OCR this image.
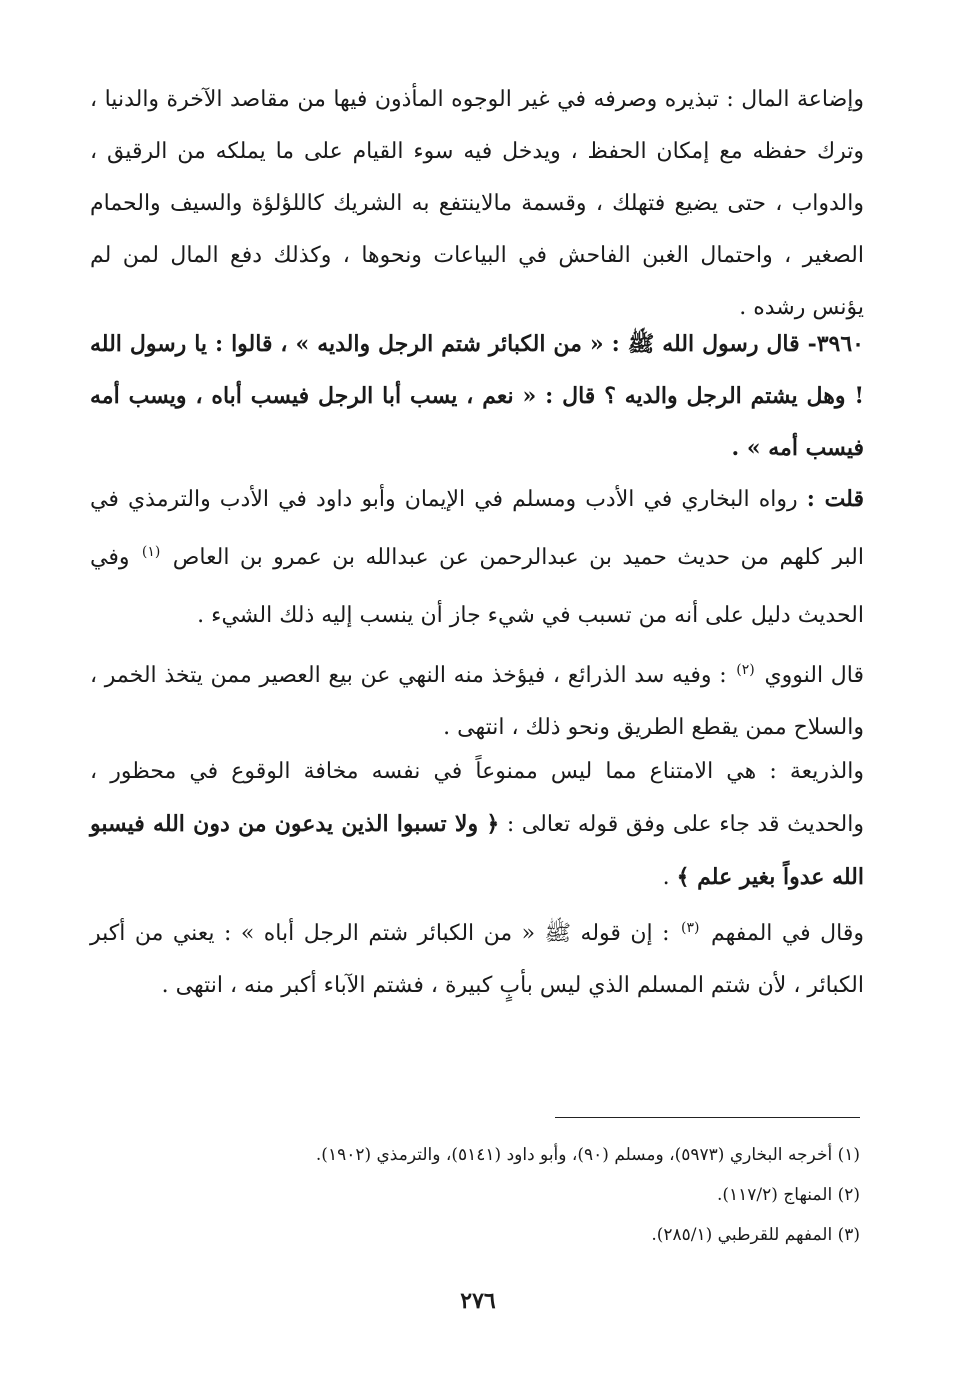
وإضاعة المال : تبذيره وصرفه في غير الوجوه المأذون فيها من مقاصد الآخرة والدنيا ، وترك حفظه مع إمكان الحفظ ، ويدخل فيه سوء القيام على ما يملكه من الرقيق ، والدواب ، حتى يضيع فتهلك ، وقسمة مالاينتفع به الشريك كاللؤلؤة والسيف والحمام الصغير ، واحتمال الغبن الفاحش في البياعات ونحوها ، وكذلك دفع المال لمن لم يؤنس رشده .

٣٩٦٠- قال رسول الله ﷺ : « من الكبائر شتم الرجل والديه » ، قالوا : يا رسول الله ! وهل يشتم الرجل والديه ؟ قال : « نعم ، يسب أبا الرجل فيسب أباه ، ويسب أمه فيسب أمه » .

قلت : رواه البخاري في الأدب ومسلم في الإيمان وأبو داود في الأدب والترمذي في البر كلهم من حديث حميد بن عبدالرحمن عن عبدالله بن عمرو بن العاص $^{(١)}$ وفي الحديث دليل على أنه من تسبب في شيء جاز أن ينسب إليه ذلك الشيء .

قال النووي $^{(٢)}$ : وفيه سد الذرائع ، فيؤخذ منه النهي عن بيع العصير ممن يتخذ الخمر ، والسلاح ممن يقطع الطريق ونحو ذلك ، انتهى .

والذريعة : هي الامتناع مما ليس ممنوعاً في نفسه مخافة الوقوع في محظور ، والحديث قد جاء على وفق قوله تعالى : ﴿ ولا تسبوا الذين يدعون من دون الله فيسبو الله عدواً بغير علم ﴾ .

وقال في المفهم $^{(٣)}$ : إن قوله ﷺ « من الكبائر شتم الرجل أباه » : يعني من أكبر الكبائر ، لأن شتم المسلم الذي ليس بأبٍ كبيرة ، فشتم الآباء أكبر منه ، انتهى .

(١) أخرجه البخاري (٥٩٧٣)، ومسلم (٩٠)، وأبو داود (٥١٤١)، والترمذي (١٩٠٢).
(٢) المنهاج (١١٧/٢).
(٣) المفهم للقرطبي (٢٨٥/١).
٢٧٦
